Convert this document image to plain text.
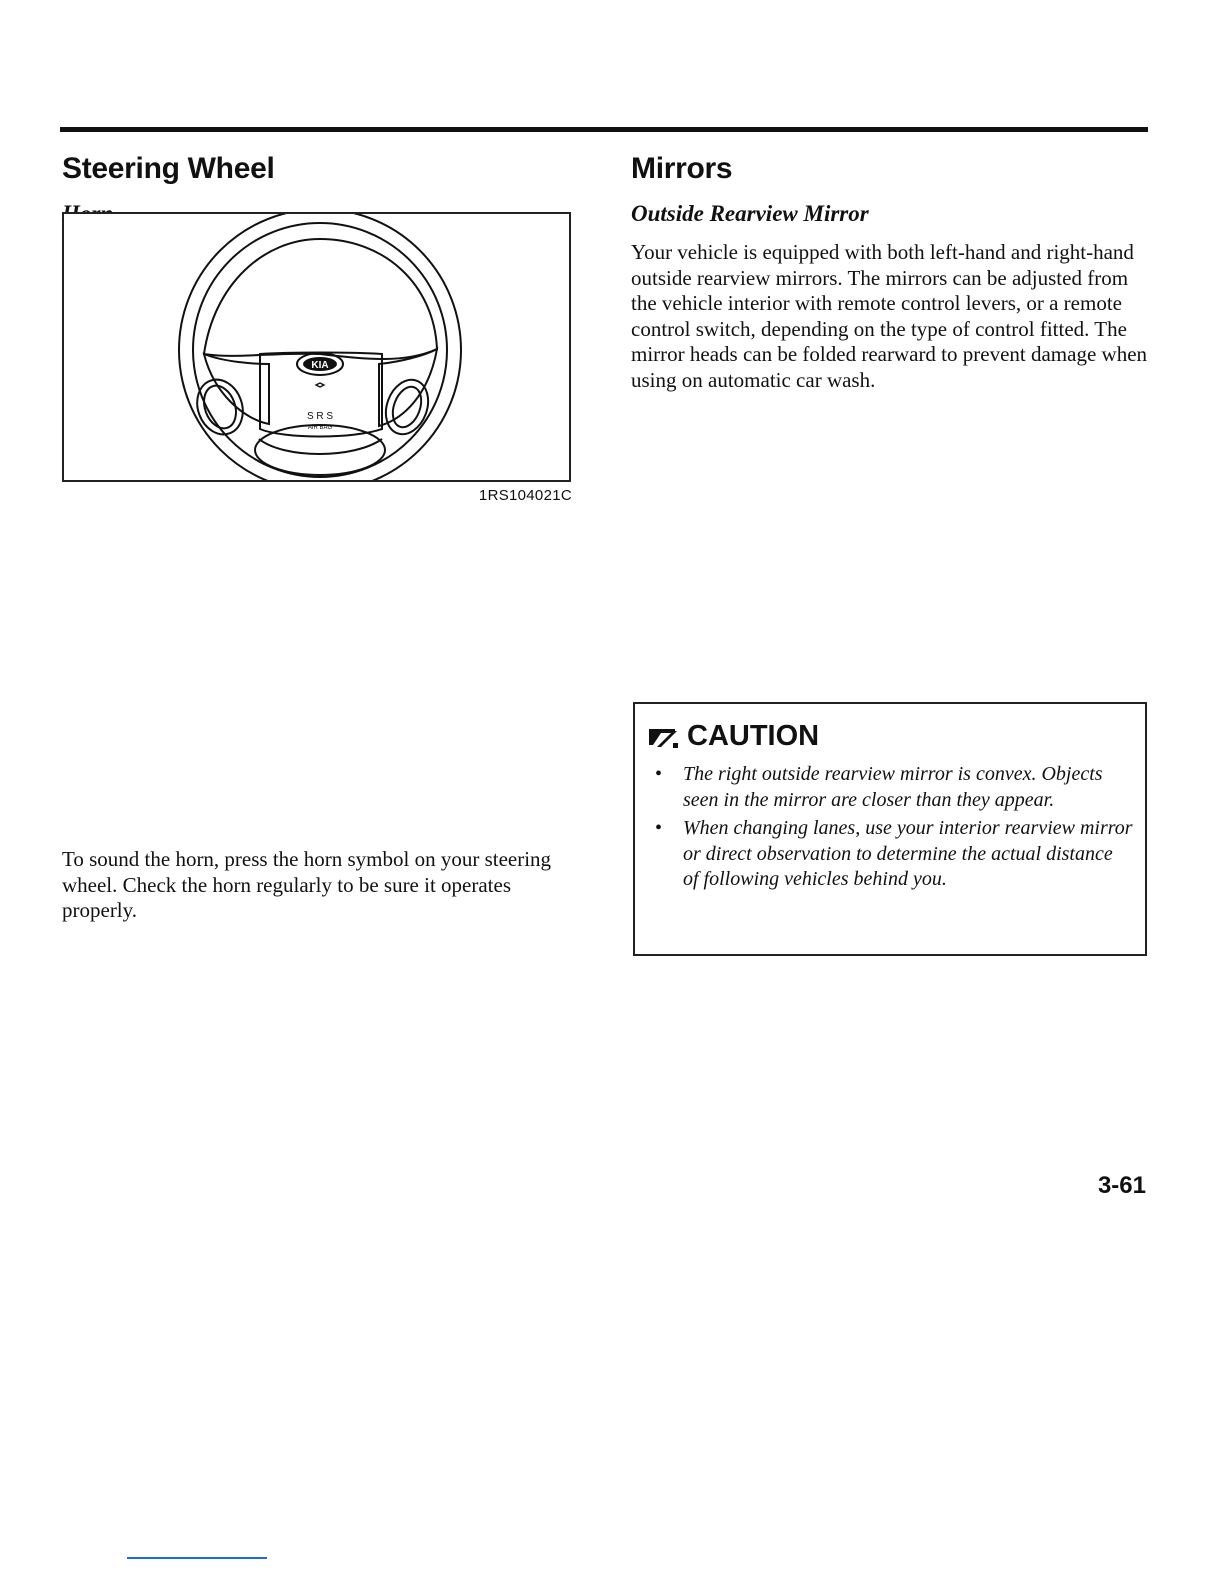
Steering Wheel
KIA
S R S
AIR BAG
1RS104021C

To sound the horn, press the horn symbol on your steering wheel. Check the horn regularly to be sure it operates properly.

Mirrors
Outside Rearview Mirror

Your vehicle is equipped with both left-hand and right-hand outside rearview mirrors. The mirrors can be adjusted from the vehicle interior with remote control levers, or a remote control switch, depending on the type of control fitted. The mirror heads can be folded rearward to prevent damage when using on automatic car wash.

CAUTION
• The right outside rearview mirror is convex. Objects seen in the mirror are closer than they appear.
• When changing lanes, use your interior rearview mirror or direct observation to determine the actual distance of following vehicles behind you.
3-61
